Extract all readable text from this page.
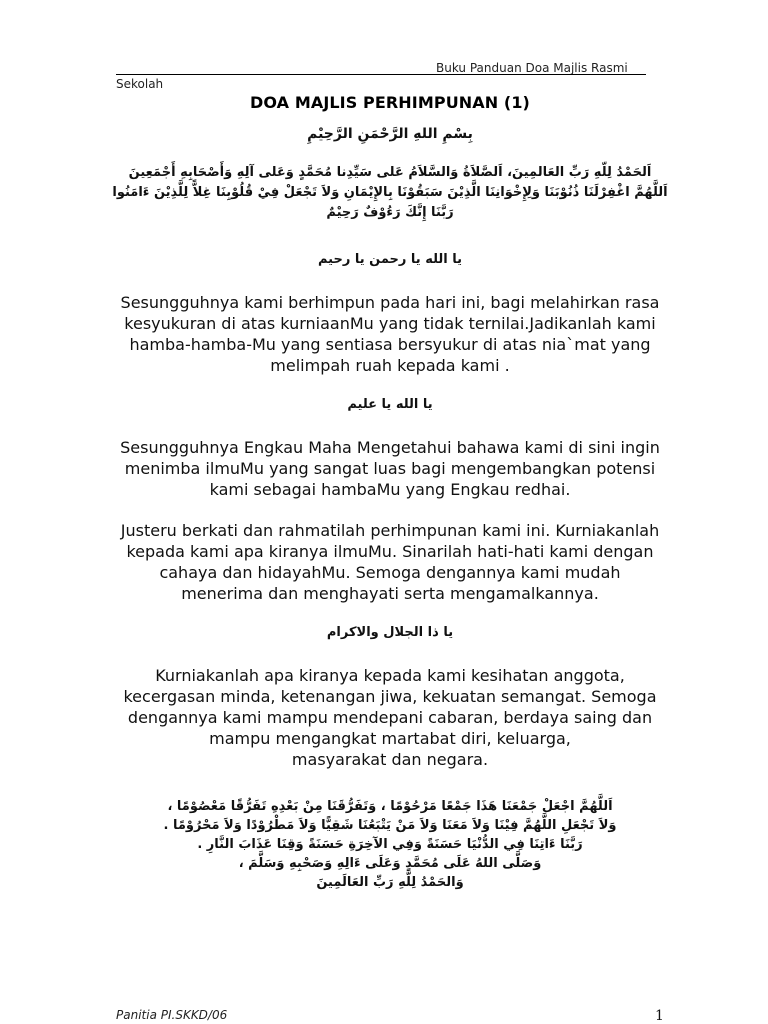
Buku Panduan Doa Majlis Rasmi
Sekolah
DOA MAJLIS PERHIMPUNAN (1)
بِسْمِ اللهِ الرَّحْمَنِ الرَّحِيْمِ
اَلحَمْدُ لِلّهِ رَبِّ العَالمِينَ، اَلصَّلاَةُ وَالسَّلاَمُ عَلى سَيِّدِنا مُحَمَّدٍ وَعَلى آلِهِ وَأَصْحَابِهِ أَجْمَعِينَ
اَللَّهُمَّ اغْفِرْلَنَا ذُنُوْبَنَا وَلِإِخْوَانِنَا الَّذِيْنَ سَبَقُوْنَا بِالإِيْمَانِ وَلاَ تَجْعَلْ فِيْ قُلُوْبِنَا غِلاًّ لِلَّذِيْنَ ءَامَنُوا
رَبَّنَا إِنَّكَ رَءُوْفٌ رَحِيْمٌ
يا الله يا رحمن يا رحيم
Sesungguhnya kami berhimpun pada hari ini, bagi melahirkan rasa
kesyukuran di atas kurniaanMu yang tidak ternilai.Jadikanlah kami
hamba-hamba-Mu yang sentiasa bersyukur di atas nia`mat yang
melimpah ruah kepada kami .
يا الله يا عليم
Sesungguhnya Engkau Maha Mengetahui bahawa kami di sini ingin
menimba ilmuMu yang sangat luas bagi mengembangkan potensi
kami sebagai hambaMu yang Engkau redhai.
Justeru berkati dan rahmatilah perhimpunan kami ini. Kurniakanlah
kepada kami apa kiranya ilmuMu. Sinarilah hati-hati kami dengan
cahaya dan hidayahMu. Semoga dengannya kami mudah
menerima dan menghayati serta mengamalkannya.
يا ذا الجلال والاكرام
Kurniakanlah apa kiranya kepada kami kesihatan anggota,
kecergasan minda, ketenangan jiwa, kekuatan semangat. Semoga
dengannya kami mampu mendepani cabaran, berdaya saing dan
mampu mengangkat martabat diri, keluarga,
masyarakat dan negara.
اَللَّهُمَّ اجْعَلْ جَمْعَنَا هَذَا جَمْعًا مَرْحُوْمًا ، وَتَفَرُّقَنَا مِنْ بَعْدِهِ تَفَرُّقًا مَعْصُوْمًا ،
وَلاَ تَجْعَلِ اللَّهُمَّ فِيْنَا وَلاَ مَعَنَا وَلاَ مَنْ يَتْبَعُنَا شَقِيًّا وَلاَ مَطْرُوْدًا وَلاَ مَحْرُوْمًا .
رَبَّنَا ءَاتِنَا فِي الدُّنْيَا حَسَنَةً وَفِي الآخِرَةِ حَسَنَةً وَقِنَا عَذَابَ النَّارِ .
وَصَلَّى اللهُ عَلَى مُحَمَّدٍ وَعَلَى ءَالِهِ وَصَحْبِهِ وَسَلَّمَ ،
وَالحَمْدُ لِلَّهِ رَبِّ العَالَمِينَ
Panitia PI.SKKD/06	1
